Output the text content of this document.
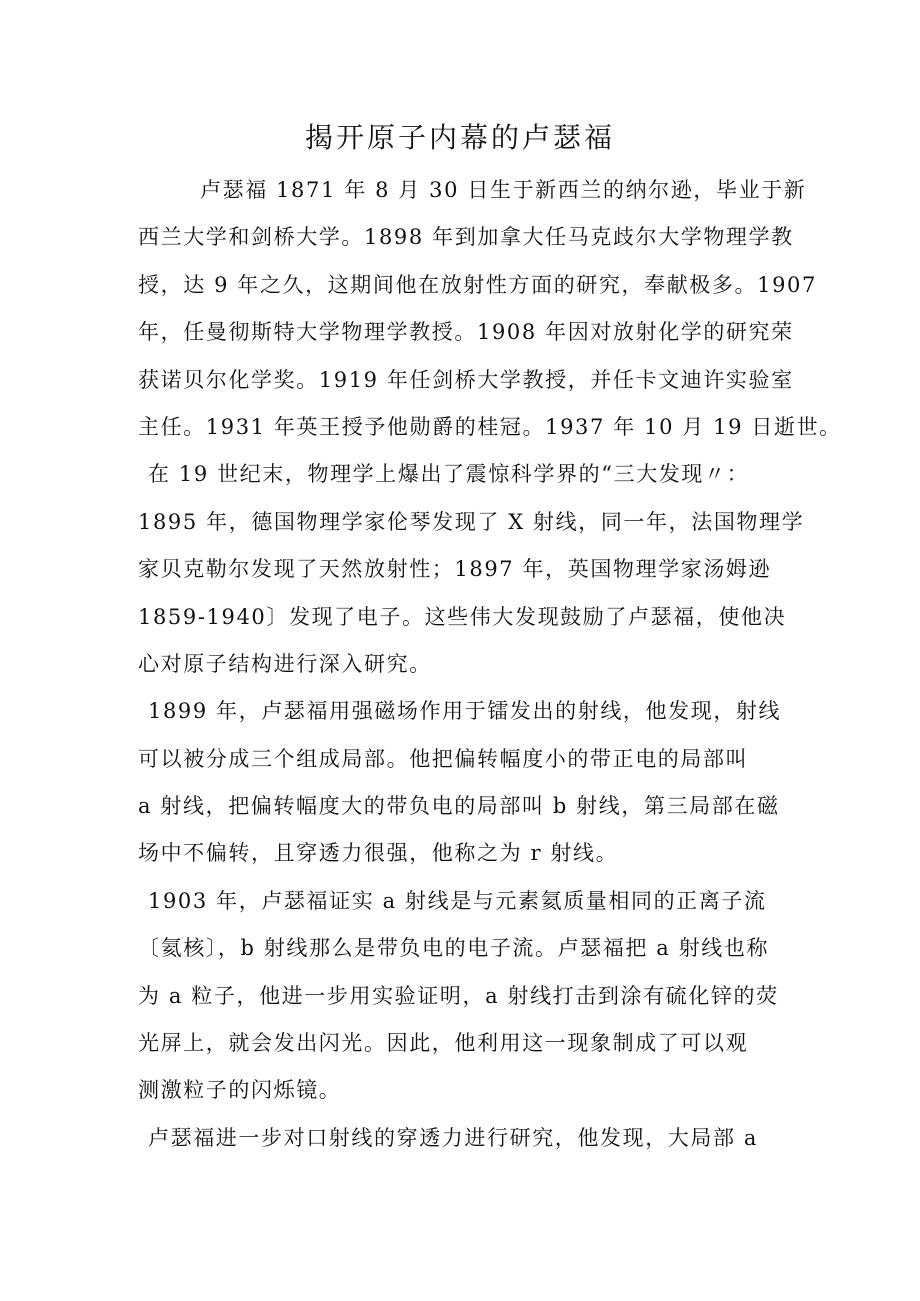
揭开原子内幕的卢瑟福
卢瑟福 1871 年 8 月 30 日生于新西兰的纳尔逊，毕业于新
西兰大学和剑桥大学。1898 年到加拿大任马克歧尔大学物理学教
授，达 9 年之久，这期间他在放射性方面的研究，奉献极多。1907
年，任曼彻斯特大学物理学教授。1908 年因对放射化学的研究荣
获诺贝尔化学奖。1919 年任剑桥大学教授，并任卡文迪许实验室
主任。1931 年英王授予他勋爵的桂冠。1937 年 10 月 19 日逝世。
在 19 世纪末，物理学上爆出了震惊科学界的“三大发现〃：
1895 年，德国物理学家伦琴发现了 X 射线，同一年，法国物理学
家贝克勒尔发现了天然放射性；1897 年，英国物理学家汤姆逊
1859-1940〕发现了电子。这些伟大发现鼓励了卢瑟福，使他决
心对原子结构进行深入研究。
1899 年，卢瑟福用强磁场作用于镭发出的射线，他发现，射线
可以被分成三个组成局部。他把偏转幅度小的带正电的局部叫
a 射线，把偏转幅度大的带负电的局部叫 b 射线，第三局部在磁
场中不偏转，且穿透力很强，他称之为 r 射线。
1903 年，卢瑟福证实 a 射线是与元素氦质量相同的正离子流
〔氦核〕，b 射线那么是带负电的电子流。卢瑟福把 a 射线也称
为 a 粒子，他进一步用实验证明，a 射线打击到涂有硫化锌的荧
光屏上，就会发出闪光。因此，他利用这一现象制成了可以观
测激粒子的闪烁镜。
卢瑟福进一步对口射线的穿透力进行研究，他发现，大局部 a
